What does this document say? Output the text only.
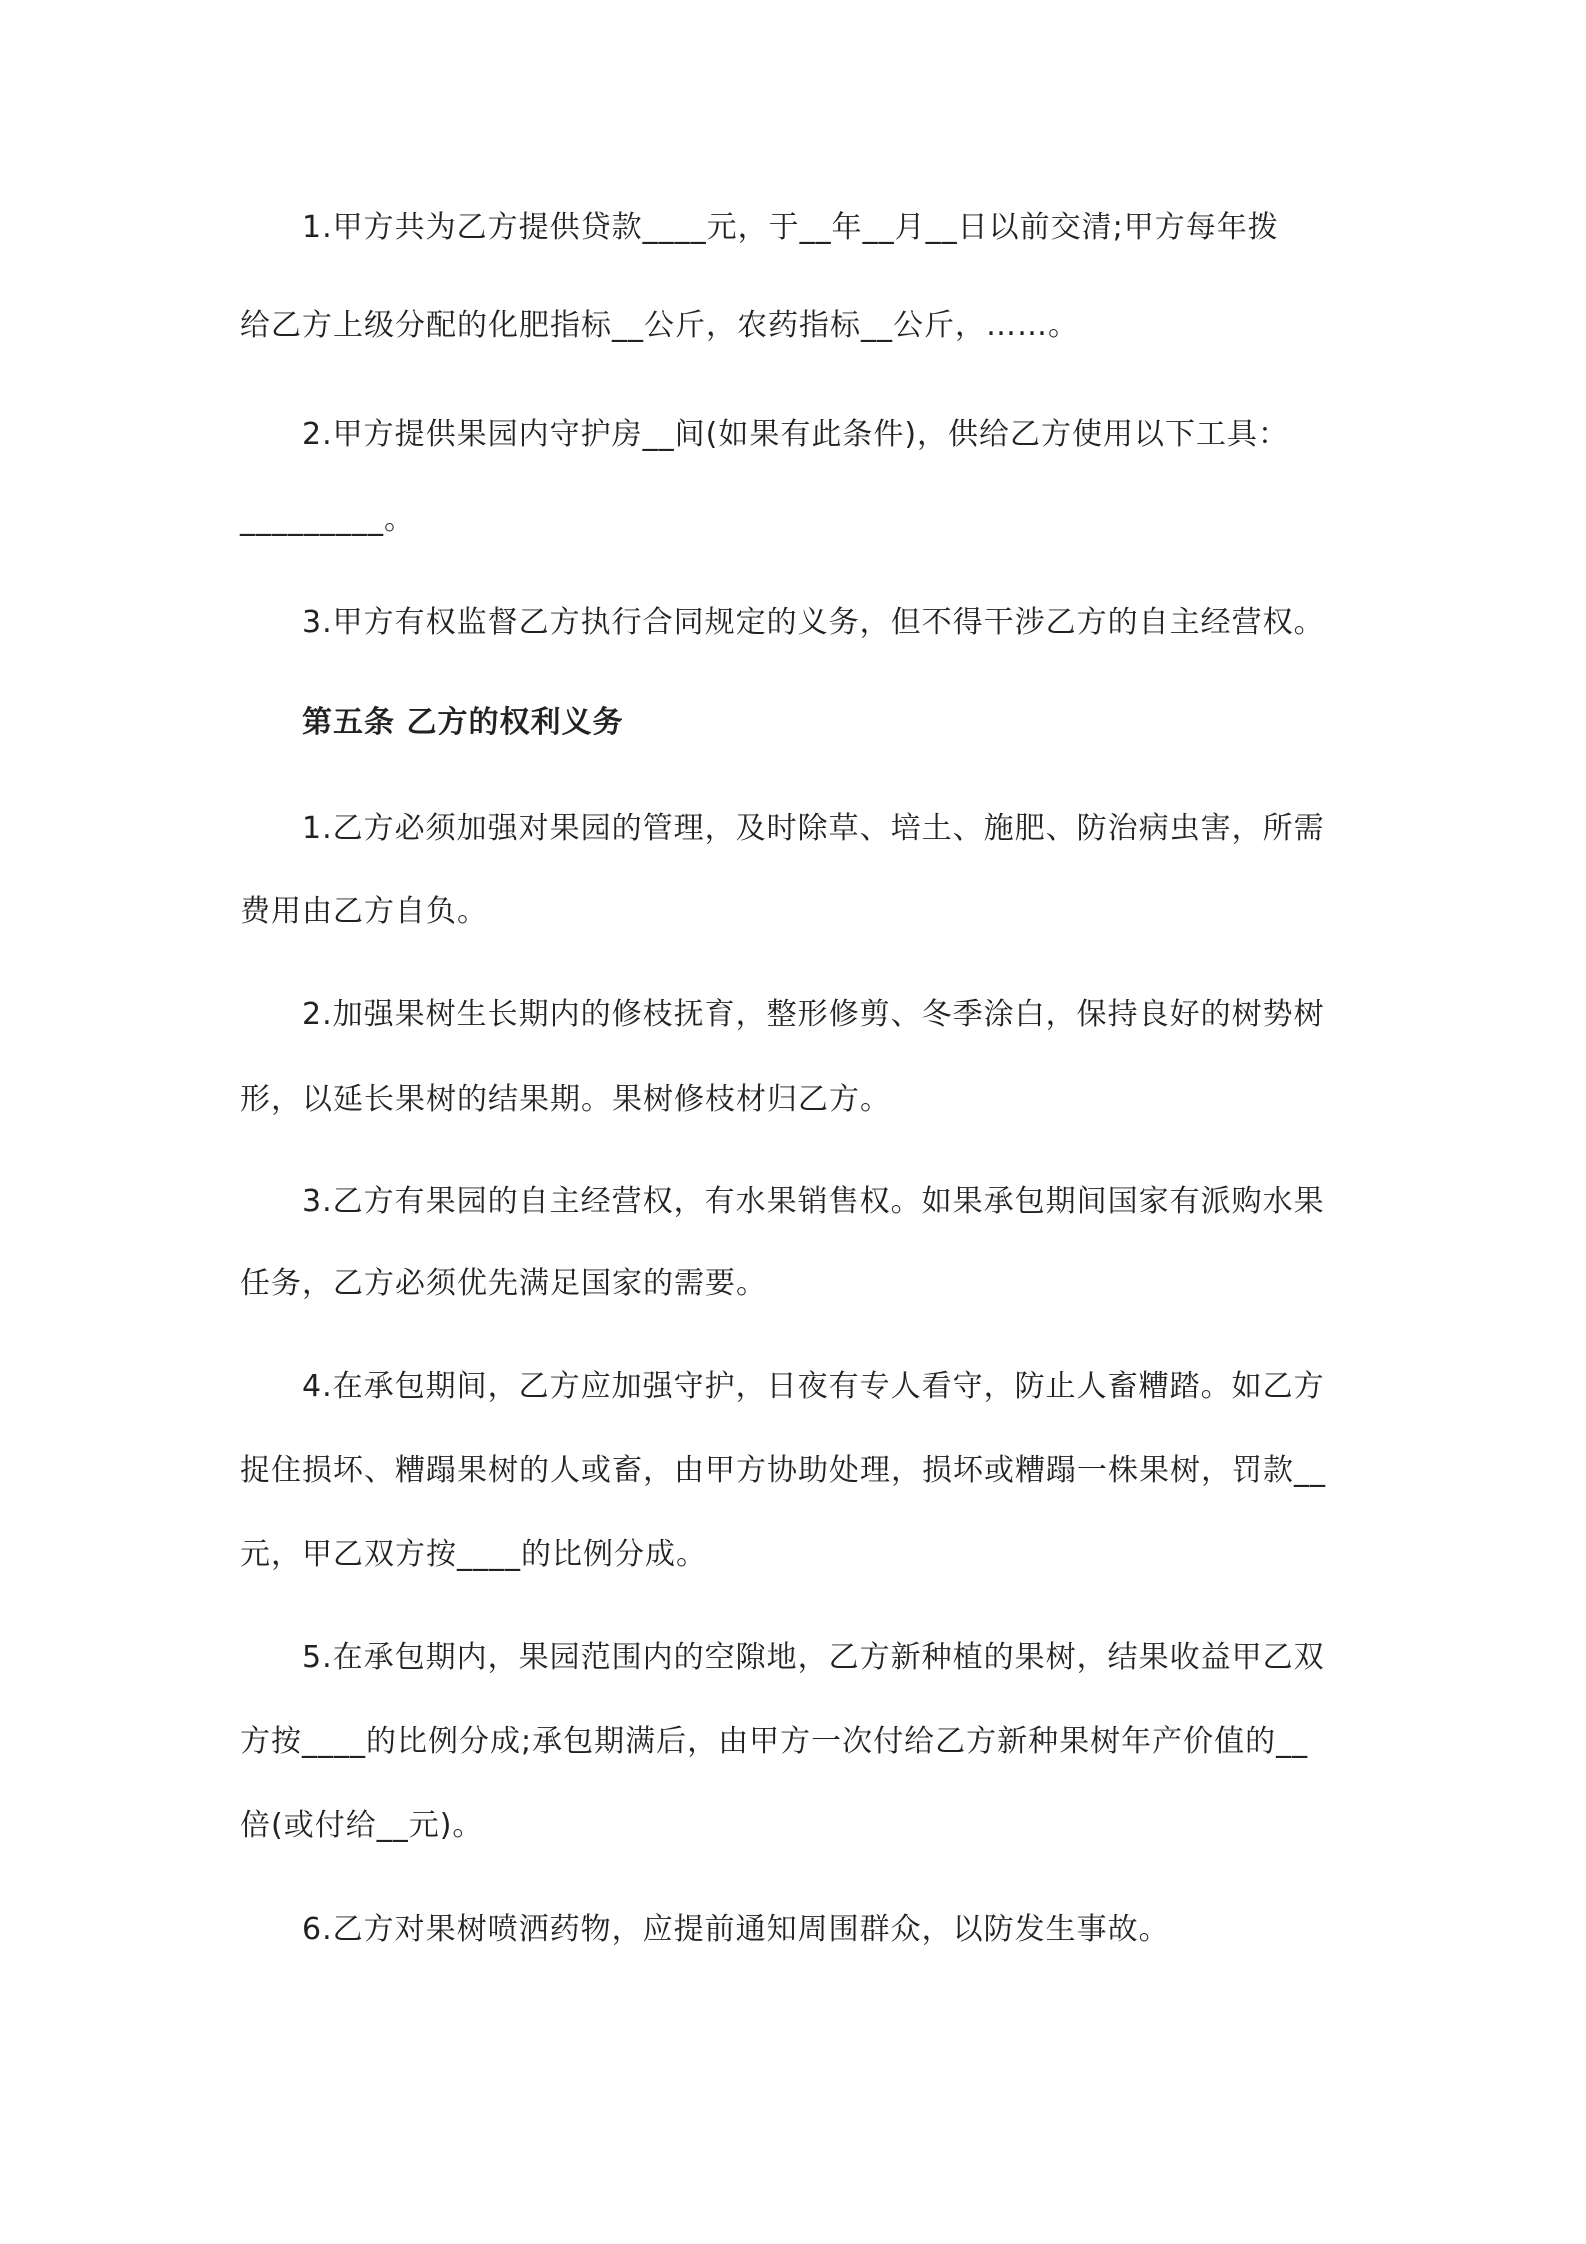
1.甲方共为乙方提供贷款____元，于__年__月__日以前交清;甲方每年拨
给乙方上级分配的化肥指标__公斤，农药指标__公斤，……。
2.甲方提供果园内守护房__间(如果有此条件)，供给乙方使用以下工具：
_________。
3.甲方有权监督乙方执行合同规定的义务，但不得干涉乙方的自主经营权。
第五条 乙方的权利义务
1.乙方必须加强对果园的管理，及时除草、培土、施肥、防治病虫害，所需
费用由乙方自负。
2.加强果树生长期内的修枝抚育，整形修剪、冬季涂白，保持良好的树势树
形，以延长果树的结果期。果树修枝材归乙方。
3.乙方有果园的自主经营权，有水果销售权。如果承包期间国家有派购水果
任务，乙方必须优先满足国家的需要。
4.在承包期间，乙方应加强守护，日夜有专人看守，防止人畜糟踏。如乙方
捉住损坏、糟蹋果树的人或畜，由甲方协助处理，损坏或糟蹋一株果树，罚款__
元，甲乙双方按____的比例分成。
5.在承包期内，果园范围内的空隙地，乙方新种植的果树，结果收益甲乙双
方按____的比例分成;承包期满后，由甲方一次付给乙方新种果树年产价值的__
倍(或付给__元)。
6.乙方对果树喷洒药物，应提前通知周围群众，以防发生事故。
